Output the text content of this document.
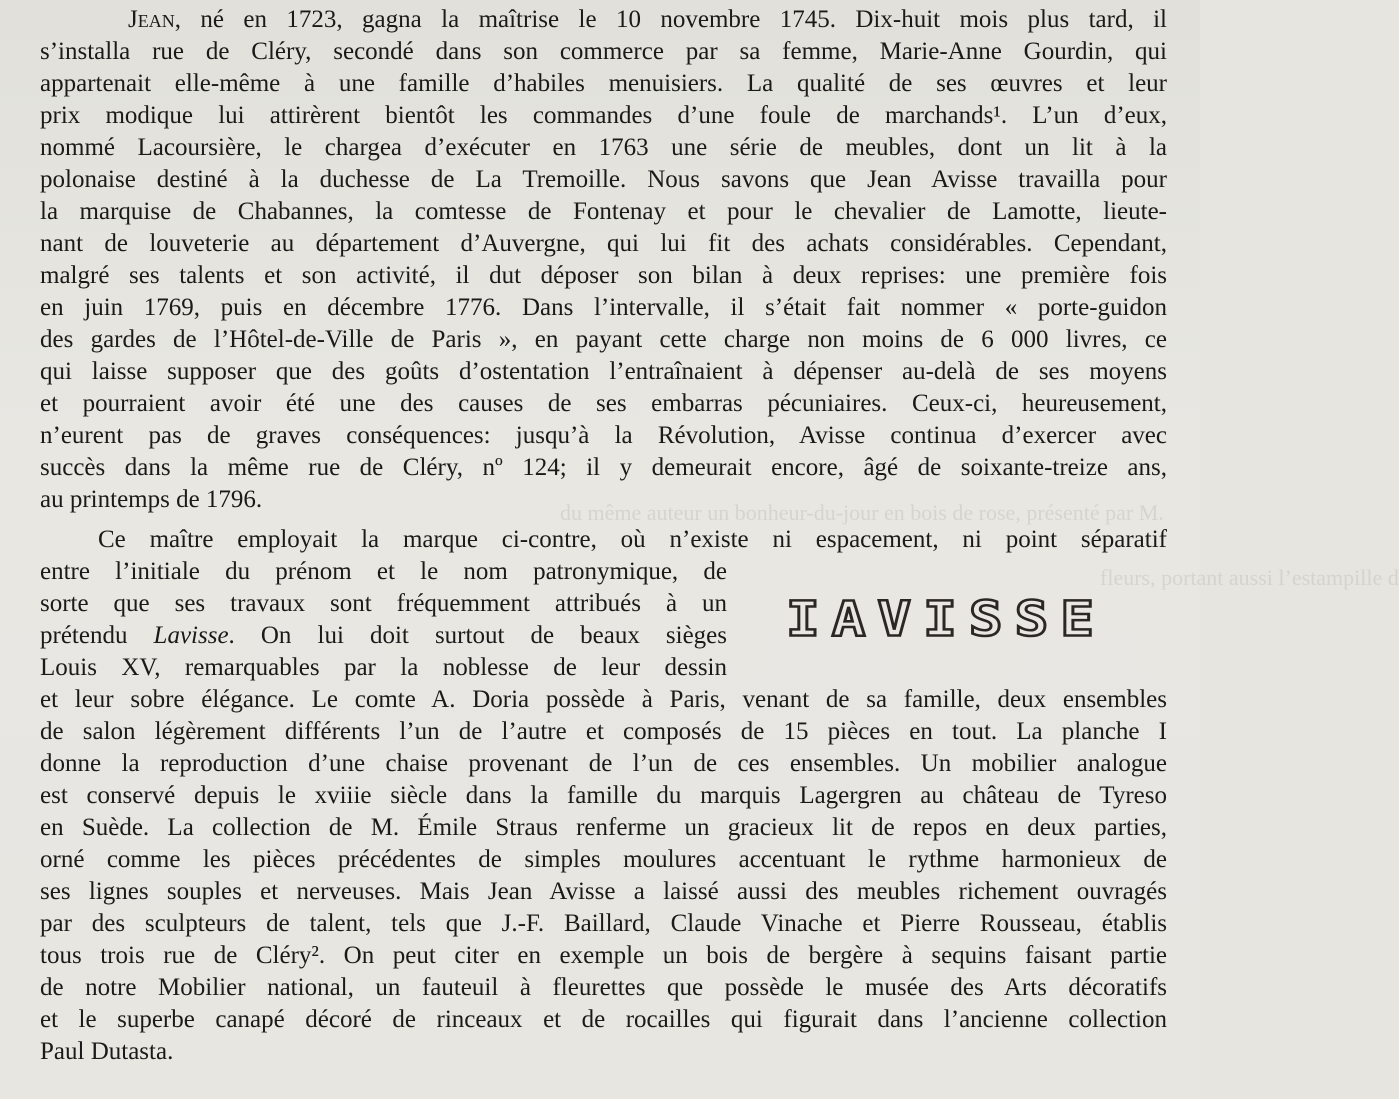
du même auteur un bonheur-du-jour en bois de rose, présenté par M.
fleurs, portant aussi l’estampille d
Jean, né en 1723, gagna la maîtrise le 10 novembre 1745. Dix-huit mois plus tard, il
s’installa rue de Cléry, secondé dans son commerce par sa femme, Marie-Anne Gourdin, qui
appartenait elle-même à une famille d’habiles menuisiers. La qualité de ses œuvres et leur
prix modique lui attirèrent bientôt les commandes d’une foule de marchands¹. L’un d’eux,
nommé Lacoursière, le chargea d’exécuter en 1763 une série de meubles, dont un lit à la
polonaise destiné à la duchesse de La Tremoille. Nous savons que Jean Avisse travailla pour
la marquise de Chabannes, la comtesse de Fontenay et pour le chevalier de Lamotte, lieute-
nant de louveterie au département d’Auvergne, qui lui fit des achats considérables. Cependant,
malgré ses talents et son activité, il dut déposer son bilan à deux reprises: une première fois
en juin 1769, puis en décembre 1776. Dans l’intervalle, il s’était fait nommer « porte-guidon
des gardes de l’Hôtel-de-Ville de Paris », en payant cette charge non moins de 6 000 livres, ce
qui laisse supposer que des goûts d’ostentation l’entraînaient à dépenser au-delà de ses moyens
et pourraient avoir été une des causes de ses embarras pécuniaires. Ceux-ci, heureusement,
n’eurent pas de graves conséquences: jusqu’à la Révolution, Avisse continua d’exercer avec
succès dans la même rue de Cléry, nº 124; il y demeurait encore, âgé de soixante-treize ans,
au printemps de 1796.
Ce maître employait la marque ci-contre, où n’existe ni espacement, ni point séparatif
entre l’initiale du prénom et le nom patronymique, de
sorte que ses travaux sont fréquemment attribués à un
prétendu Lavisse. On lui doit surtout de beaux sièges
Louis XV, remarquables par la noblesse de leur dessin
IAVISSE
et leur sobre élégance. Le comte A. Doria possède à Paris, venant de sa famille, deux ensembles
de salon légèrement différents l’un de l’autre et composés de 15 pièces en tout. La planche I
donne la reproduction d’une chaise provenant de l’un de ces ensembles. Un mobilier analogue
est conservé depuis le xviiie siècle dans la famille du marquis Lagergren au château de Tyreso
en Suède. La collection de M. Émile Straus renferme un gracieux lit de repos en deux parties,
orné comme les pièces précédentes de simples moulures accentuant le rythme harmonieux de
ses lignes souples et nerveuses. Mais Jean Avisse a laissé aussi des meubles richement ouvragés
par des sculpteurs de talent, tels que J.-F. Baillard, Claude Vinache et Pierre Rousseau, établis
tous trois rue de Cléry². On peut citer en exemple un bois de bergère à sequins faisant partie
de notre Mobilier national, un fauteuil à fleurettes que possède le musée des Arts décoratifs
et le superbe canapé décoré de rinceaux et de rocailles qui figurait dans l’ancienne collection
Paul Dutasta.
